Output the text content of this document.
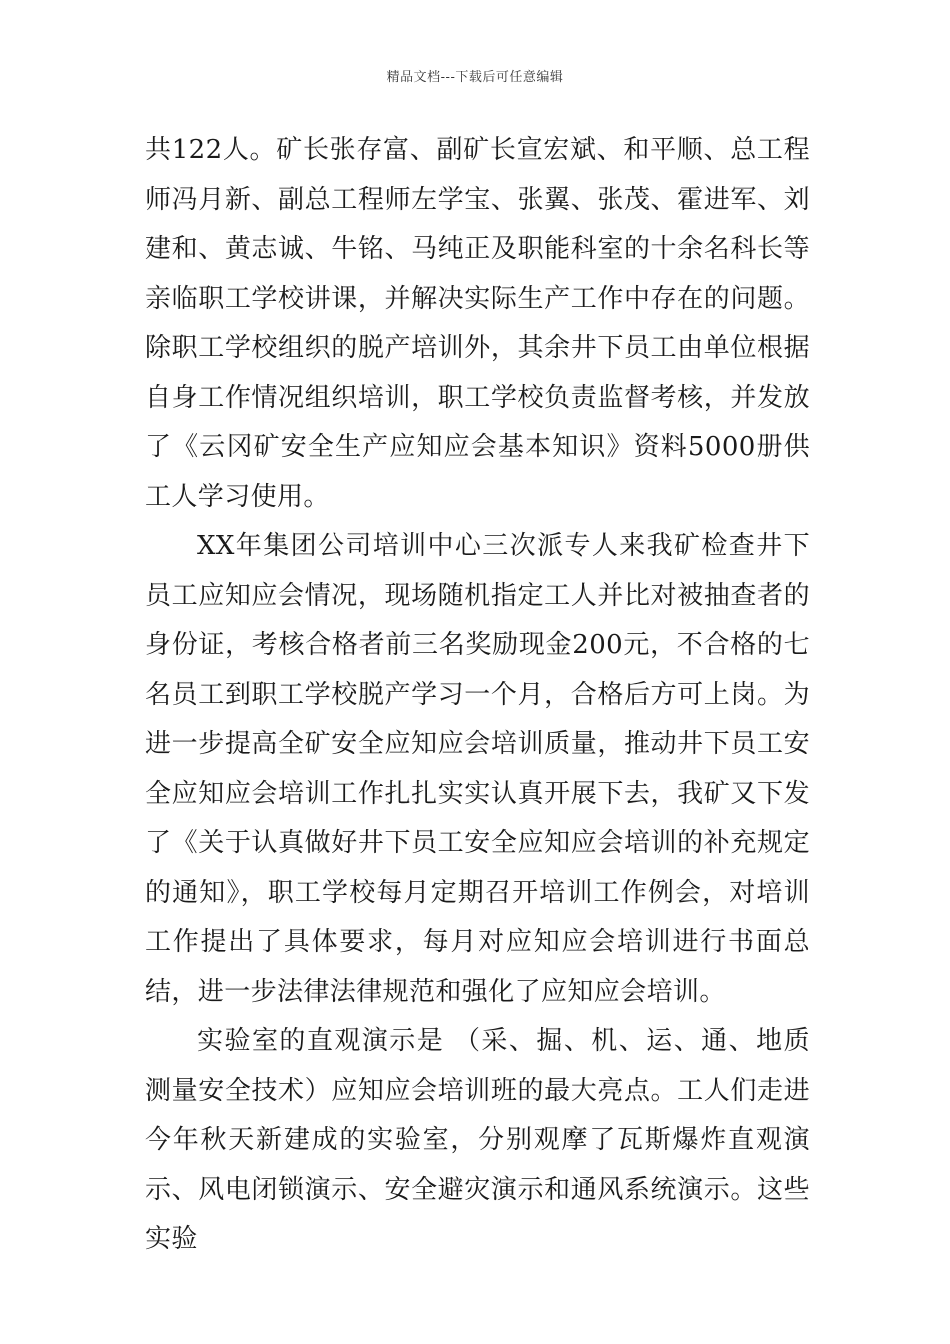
精品文档---下载后可任意编辑

共122人。矿长张存富、副矿长宣宏斌、和平顺、总工程师冯月新、副总工程师左学宝、张翼、张茂、霍进军、刘建和、黄志诚、牛铭、马纯正及职能科室的十余名科长等亲临职工学校讲课，并解决实际生产工作中存在的问题。除职工学校组织的脱产培训外，其余井下员工由单位根据自身工作情况组织培训，职工学校负责监督考核，并发放了《云冈矿安全生产应知应会基本知识》资料5000册供工人学习使用。

XX年集团公司培训中心三次派专人来我矿检查井下员工应知应会情况，现场随机指定工人并比对被抽查者的身份证，考核合格者前三名奖励现金200元，不合格的七名员工到职工学校脱产学习一个月，合格后方可上岗。为进一步提高全矿安全应知应会培训质量，推动井下员工安全应知应会培训工作扎扎实实认真开展下去，我矿又下发了《关于认真做好井下员工安全应知应会培训的补充规定的通知》，职工学校每月定期召开培训工作例会，对培训工作提出了具体要求，每月对应知应会培训进行书面总结，进一步法律法律规范和强化了应知应会培训。

实验室的直观演示是 （采、掘、机、运、通、地质测量安全技术）应知应会培训班的最大亮点。工人们走进今年秋天新建成的实验室，分别观摩了瓦斯爆炸直观演示、风电闭锁演示、安全避灾演示和通风系统演示。这些实验
